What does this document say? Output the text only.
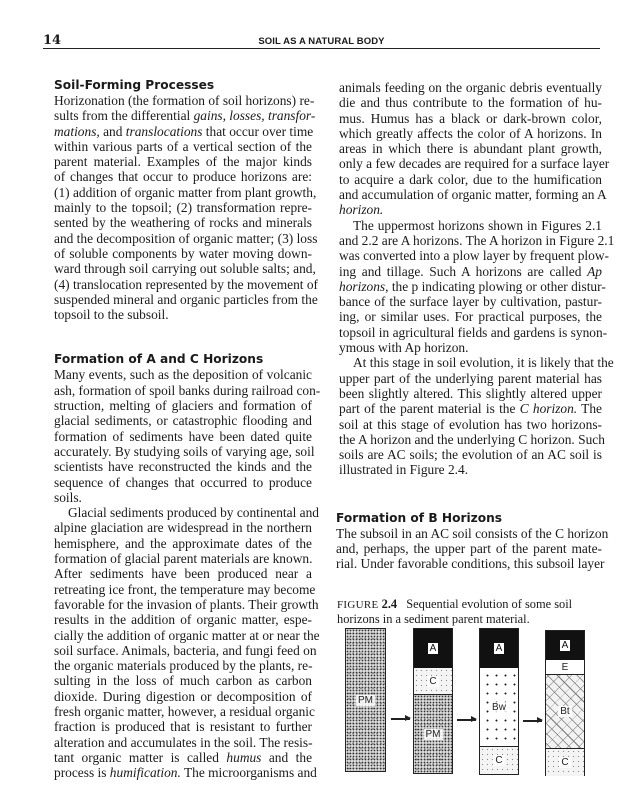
14	SOIL AS A NATURAL BODY
Soil-Forming Processes
Horizonation (the formation of soil horizons) re-
sults from the differential gains, losses, transfor-
mations, and translocations that occur over time
within various parts of a vertical section of the
parent material. Examples of the major kinds
of changes that occur to produce horizons are:
(1) addition of organic matter from plant growth,
mainly to the topsoil; (2) transformation repre-
sented by the weathering of rocks and minerals
and the decomposition of organic matter; (3) loss
of soluble components by water moving down-
ward through soil carrying out soluble salts; and,
(4) translocation represented by the movement of
suspended mineral and organic particles from the
topsoil to the subsoil.
Formation of A and C Horizons
Many events, such as the deposition of volcanic
ash, formation of spoil banks during railroad con-
struction, melting of glaciers and formation of
glacial sediments, or catastrophic flooding and
formation of sediments have been dated quite
accurately. By studying soils of varying age, soil
scientists have reconstructed the kinds and the
sequence of changes that occurred to produce
soils.
Glacial sediments produced by continental and
alpine glaciation are widespread in the northern
hemisphere, and the approximate dates of the
formation of glacial parent materials are known.
After sediments have been produced near a
retreating ice front, the temperature may become
favorable for the invasion of plants. Their growth
results in the addition of organic matter, espe-
cially the addition of organic matter at or near the
soil surface. Animals, bacteria, and fungi feed on
the organic materials produced by the plants, re-
sulting in the loss of much carbon as carbon
dioxide. During digestion or decomposition of
fresh organic matter, however, a residual organic
fraction is produced that is resistant to further
alteration and accumulates in the soil. The resis-
tant organic matter is called humus and the
process is humification. The microorganisms and
animals feeding on the organic debris eventually
die and thus contribute to the formation of hu-
mus. Humus has a black or dark-brown color,
which greatly affects the color of A horizons. In
areas in which there is abundant plant growth,
only a few decades are required for a surface layer
to acquire a dark color, due to the humification
and accumulation of organic matter, forming an A
horizon.
The uppermost horizons shown in Figures 2.1
and 2.2 are A horizons. The A horizon in Figure 2.1
was converted into a plow layer by frequent plow-
ing and tillage. Such A horizons are called Ap
horizons, the p indicating plowing or other distur-
bance of the surface layer by cultivation, pastur-
ing, or similar uses. For practical purposes, the
topsoil in agricultural fields and gardens is synon-
ymous with Ap horizon.
At this stage in soil evolution, it is likely that the
upper part of the underlying parent material has
been slightly altered. This slightly altered upper
part of the parent material is the C horizon. The
soil at this stage of evolution has two horizons-
the A horizon and the underlying C horizon. Such
soils are AC soils; the evolution of an AC soil is
illustrated in Figure 2.4.
Formation of B Horizons
The subsoil in an AC soil consists of the C horizon
and, perhaps, the upper part of the parent mate-
rial. Under favorable conditions, this subsoil layer
FIGURE 2.4 Sequential evolution of some soil horizons in a sediment parent material.
PM
A
C
PM
A
Bw
C
A
E
Bt
C
